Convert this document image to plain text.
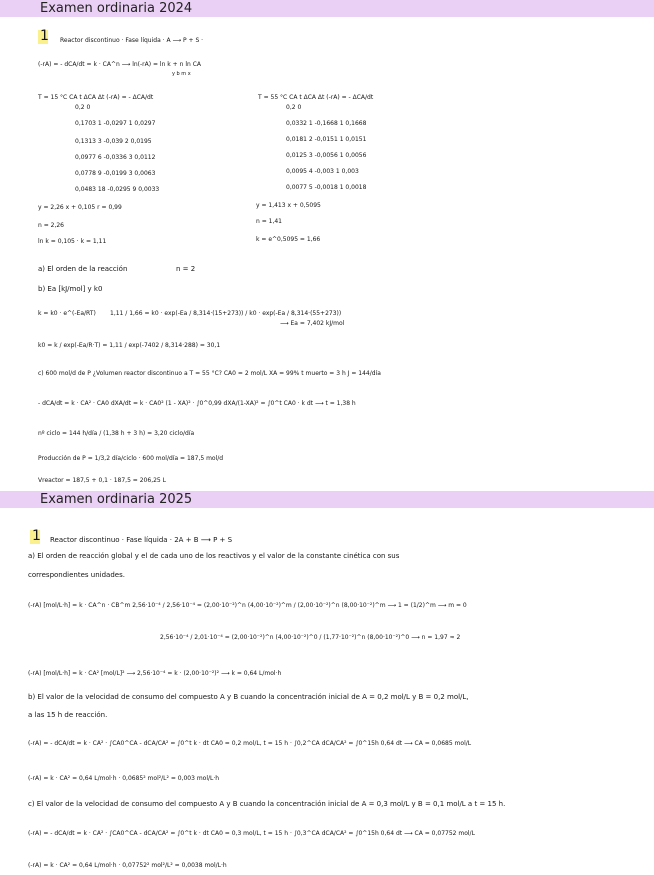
Examen ordinaria 2024
1 Reactor discontinuo · Fase líquida · A ⟶ P + S ·
(-rA) = - dCA/dt = k · CA^n ⟶ ln(-rA) = ln k + n ln CA
y b m x
T = 15 °C CA t ΔCA Δt (-rA) = - ΔCA/dt
0,2 0
0,1703 1 -0,0297 1 0,0297
0,1313 3 -0,039 2 0,0195
0,0977 6 -0,0336 3 0,0112
0,0778 9 -0,0199 3 0,0063
0,0483 18 -0,0295 9 0,0033
T = 55 °C CA t ΔCA Δt (-rA) = - ΔCA/dt
0,2 0
0,0332 1 -0,1668 1 0,1668
0,0181 2 -0,0151 1 0,0151
0,0125 3 -0,0056 1 0,0056
0,0095 4 -0,003 1 0,003
0,0077 5 -0,0018 1 0,0018
y = 2,26 x + 0,105 r = 0,99
n = 2,26
ln k = 0,105 · k = 1,11
y = 1,413 x + 0,5095
n = 1,41
k = e^0,5095 = 1,66
a) El orden de la reacción	n = 2
b) Ea [kJ/mol] y k0
k = k0 · e^(-Ea/RT) 1,11 / 1,66 = k0 · exp(-Ea / 8,314·(15+273)) / k0 · exp(-Ea / 8,314·(55+273))
⟶ Ea = 7,402 kJ/mol
k0 = k / exp(-Ea/R·T) = 1,11 / exp(-7402 / 8,314·288) = 30,1
c) 600 mol/d de P ¿Volumen reactor discontinuo a T = 55 °C? CA0 = 2 mol/L XA = 99% t muerto = 3 h J = 144/día
- dCA/dt = k · CA² · CA0 dXA/dt = k · CA0² (1 - XA)² · ∫0^0,99 dXA/(1-XA)² = ∫0^t CA0 · k dt ⟶ t = 1,38 h
nº ciclo = 144 h/día / (1,38 h + 3 h) = 3,20 ciclo/día
Producción de P = 1/3,2 día/ciclo · 600 mol/día = 187,5 mol/d
Vreactor = 187,5 + 0,1 · 187,5 = 206,25 L
Examen ordinaria 2025
1 Reactor discontinuo · Fase líquida · 2A + B ⟶ P + S
a) El orden de reacción global y el de cada uno de los reactivos y el valor de la constante cinética con sus
correspondientes unidades.
(-rA) [mol/L·h] = k · CA^n · CB^m 2,56·10⁻⁴ / 2,56·10⁻⁴ = (2,00·10⁻²)^n (4,00·10⁻²)^m / (2,00·10⁻²)^n (8,00·10⁻²)^m ⟶ 1 = (1/2)^m ⟶ m = 0
2,56·10⁻⁴ / 2,01·10⁻⁴ = (2,00·10⁻²)^n (4,00·10⁻²)^0 / (1,77·10⁻²)^n (8,00·10⁻²)^0 ⟶ n = 1,97 ≈ 2
(-rA) [mol/L·h] = k · CA² [mol/L]² ⟶ 2,56·10⁻⁴ = k · (2,00·10⁻²)² ⟶ k = 0,64 L/mol·h
b) El valor de la velocidad de consumo del compuesto A y B cuando la concentración inicial de A = 0,2 mol/L y B = 0,2 mol/L,
a las 15 h de reacción.
(-rA) = - dCA/dt = k · CA² · ∫CA0^CA - dCA/CA² = ∫0^t k · dt CA0 = 0,2 mol/L, t = 15 h · ∫0,2^CA dCA/CA² = ∫0^15h 0,64 dt ⟶ CA = 0,0685 mol/L
(-rA) = k · CA² = 0,64 L/mol·h · 0,0685² mol²/L² = 0,003 mol/L·h
c) El valor de la velocidad de consumo del compuesto A y B cuando la concentración inicial de A = 0,3 mol/L y B = 0,1 mol/L a t = 15 h.
(-rA) = - dCA/dt = k · CA² · ∫CA0^CA - dCA/CA² = ∫0^t k · dt CA0 = 0,3 mol/L, t = 15 h · ∫0,3^CA dCA/CA² = ∫0^15h 0,64 dt ⟶ CA = 0,07752 mol/L
(-rA) = k · CA² = 0,64 L/mol·h · 0,07752² mol²/L² = 0,0038 mol/L·h
